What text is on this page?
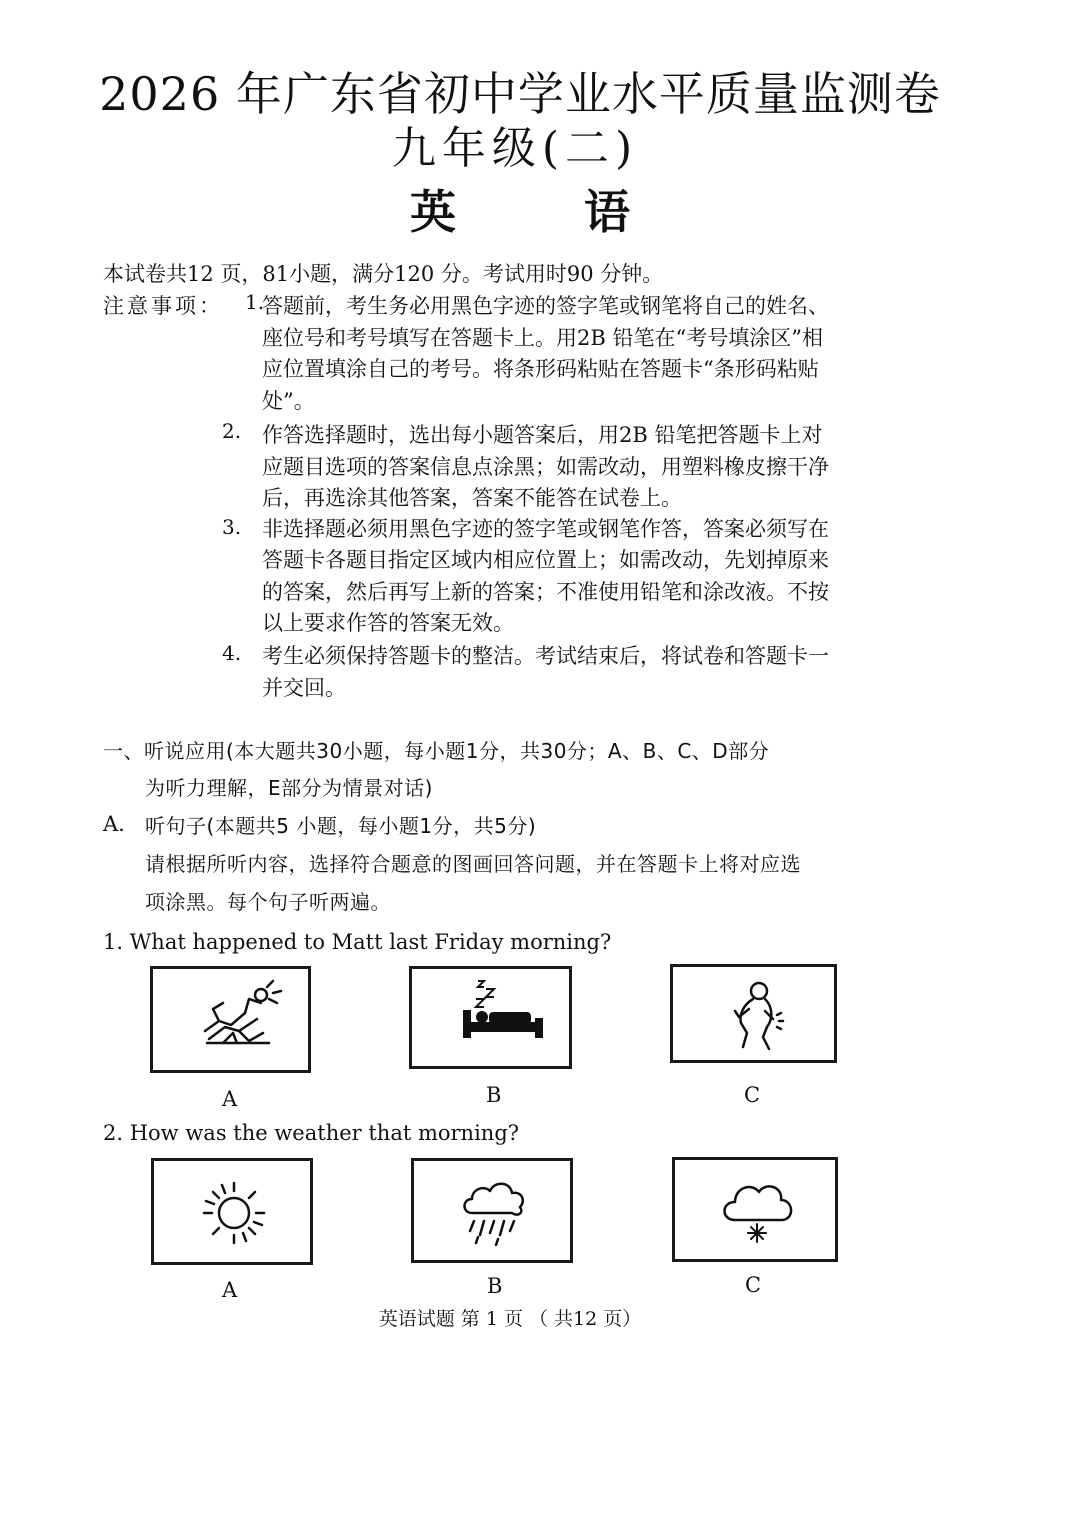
2026 年广东省初中学业水平质量监测卷
九年级(二)
英 语
本试卷共12 页，81小题，满分120 分。考试用时90 分钟。
注意事项： 1.
答题前，考生务必用黑色字迹的签字笔或钢笔将自己的姓名、
座位号和考号填写在答题卡上。用2B 铅笔在“考号填涂区”相
应位置填涂自己的考号。将条形码粘贴在答题卡“条形码粘贴
处”。
2. 作答选择题时，选出每小题答案后，用2B 铅笔把答题卡上对
应题目选项的答案信息点涂黑；如需改动，用塑料橡皮擦干净
后，再选涂其他答案，答案不能答在试卷上。
3. 非选择题必须用黑色字迹的签字笔或钢笔作答，答案必须写在
答题卡各题目指定区域内相应位置上；如需改动，先划掉原来
的答案，然后再写上新的答案；不准使用铅笔和涂改液。不按
以上要求作答的答案无效。
4. 考生必须保持答题卡的整洁。考试结束后，将试卷和答题卡一
并交回。
一、听说应用(本大题共30小题，每小题1分，共30分；A、B、C、D部分
为听力理解，E部分为情景对话)
A. 听句子(本题共5 小题，每小题1分，共5分)
请根据所听内容，选择符合题意的图画回答问题，并在答题卡上将对应选
项涂黑。每个句子听两遍。
1. What happened to Matt last Friday morning?
A	B	C
2. How was the weather that morning?
A	B	C
英语试题 第 1 页 （ 共12 页）
